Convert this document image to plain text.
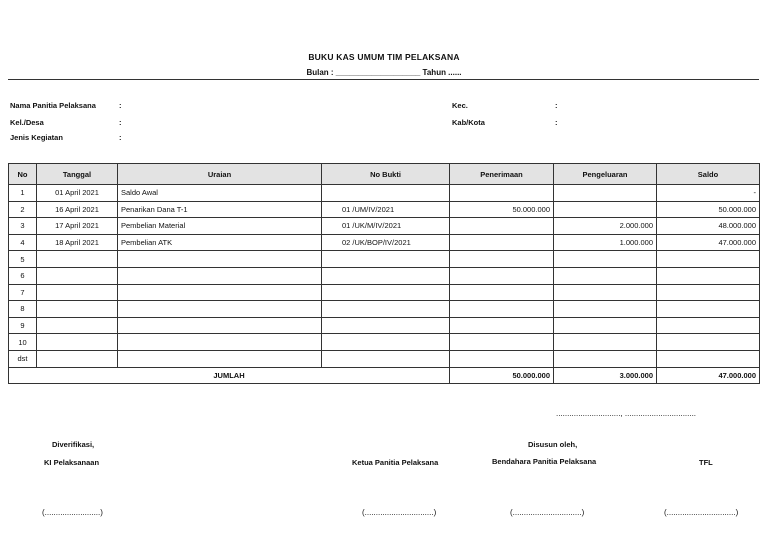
BUKU KAS UMUM TIM PELAKSANA
Bulan : ___________________ Tahun ......
Nama Panitia Pelaksana	:
Kel./Desa	:
Jenis Kegiatan	:
Kec.	:
Kab/Kota	:
No	Tanggal	Uraian	No Bukti	Penerimaan	Pengeluaran	Saldo
1	01 April 2021	Saldo Awal				-
2	16 April 2021	Penarikan Dana T-1	01 /UM/IV/2021	50.000.000		50.000.000
3	17 April 2021	Pembelian Material	01 /UK/M/IV/2021		2.000.000	48.000.000
4	18 April 2021	Pembelian ATK	02 /UK/BOP/IV/2021		1.000.000	47.000.000
5						
6						
7						
8						
9						
10						
dst						
JUMLAH				50.000.000	3.000.000	47.000.000
............................., ................................
Diverifikasi,
KI Pelaksanaan	Ketua Panitia Pelaksana
Disusun oleh,
Bendahara Panitia Pelaksana	TFL
(.........................)	(...............................)	(...............................)	(...............................)
